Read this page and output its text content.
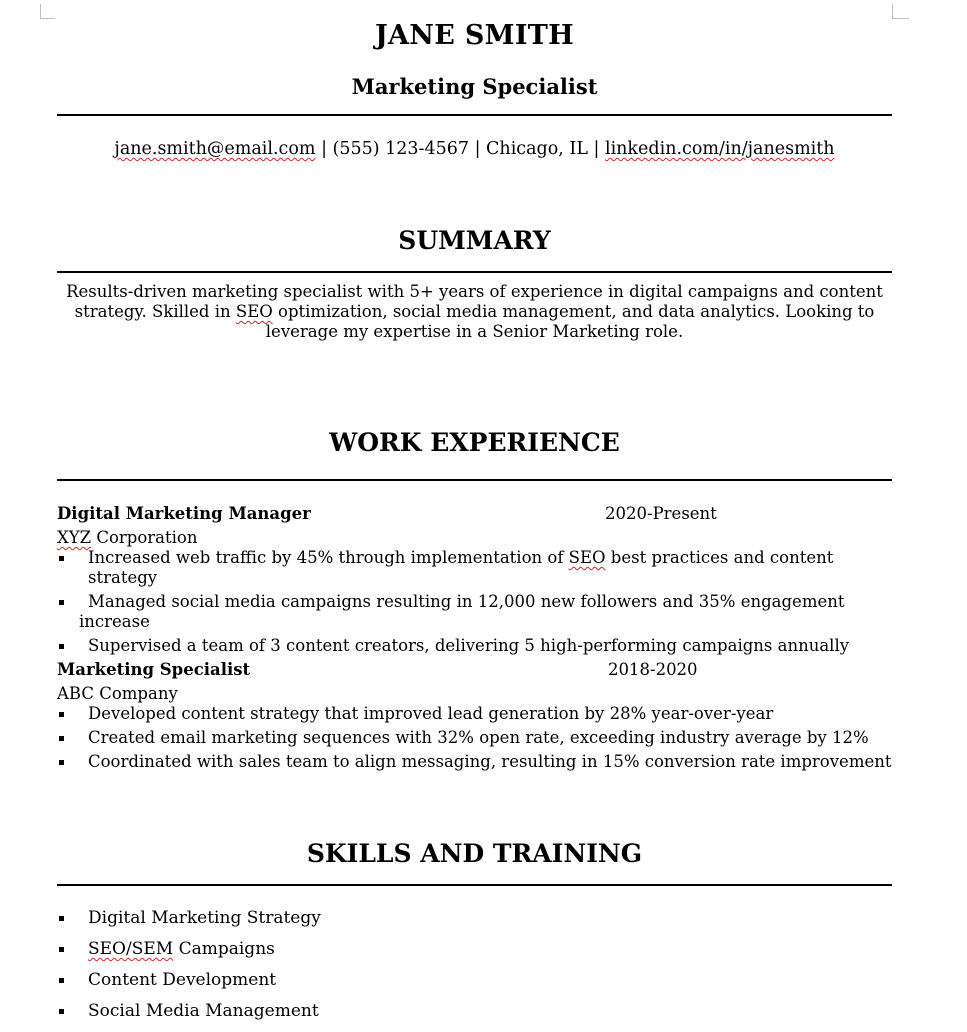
JANE SMITH
Marketing Specialist
jane.smith@email.com | (555) 123-4567 | Chicago, IL | linkedin.com/in/janesmith
SUMMARY
Results-driven marketing specialist with 5+ years of experience in digital campaigns and content strategy. Skilled in SEO optimization, social media management, and data analytics. Looking to leverage my expertise in a Senior Marketing role.
WORK EXPERIENCE
Digital Marketing Manager	2020-Present
XYZ Corporation
Increased web traffic by 45% through implementation of SEO best practices and content strategy
Managed social media campaigns resulting in 12,000 new followers and 35% engagement increase
Supervised a team of 3 content creators, delivering 5 high-performing campaigns annually
Marketing Specialist	2018-2020
ABC Company
Developed content strategy that improved lead generation by 28% year-over-year
Created email marketing sequences with 32% open rate, exceeding industry average by 12%
Coordinated with sales team to align messaging, resulting in 15% conversion rate improvement
SKILLS AND TRAINING
Digital Marketing Strategy
SEO/SEM Campaigns
Content Development
Social Media Management
